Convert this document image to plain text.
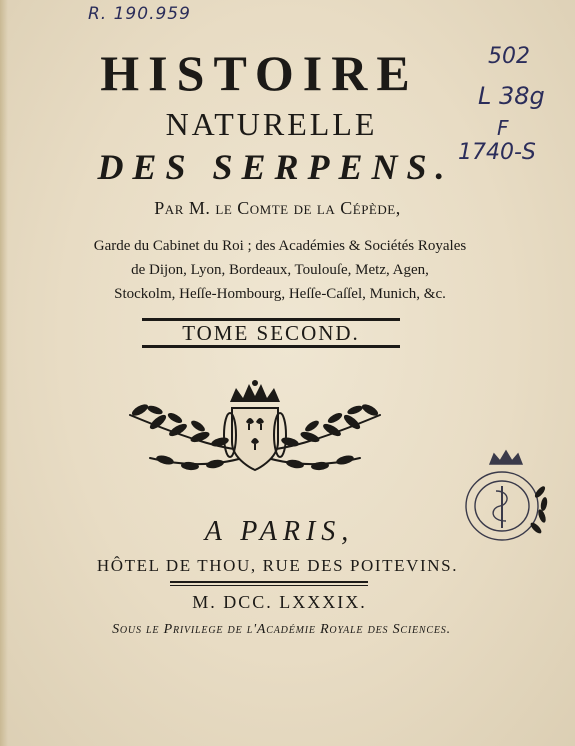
R. 190.959
502
L 38g
F
1740-S
HISTOIRE
NATURELLE
DES SERPENS.
Par M. le Comte de la Cépède,
Garde du Cabinet du Roi ; des Académies & Sociétés Royales
de Dijon, Lyon, Bordeaux, Toulouſe, Metz, Agen,
Stockolm, Heſſe-Hombourg, Heſſe-Caſſel, Munich, &c.
TOME SECOND.
A PARIS,
HÔTEL DE THOU, RUE DES POITEVINS.
M. DCC. LXXXIX.
Sous le Privilege de l'Académie Royale des Sciences.
